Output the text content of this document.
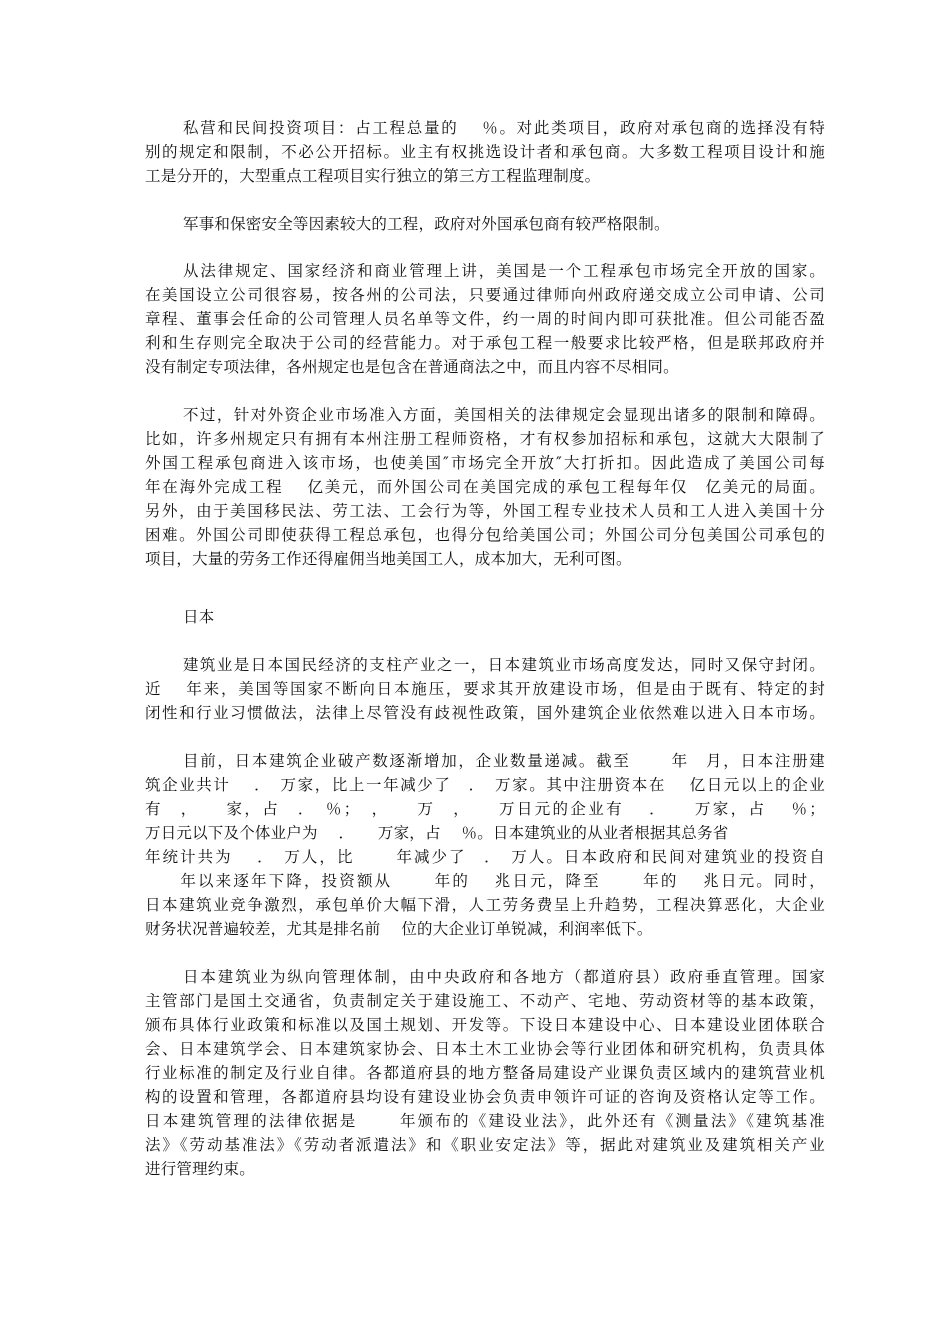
私营和民间投资项目：占工程总量的　 ％。对此类项目，政府对承包商的选择没有特
别的规定和限制，不必公开招标。业主有权挑选设计者和承包商。大多数工程项目设计和施
工是分开的，大型重点工程项目实行独立的第三方工程监理制度。
军事和保密安全等因素较大的工程，政府对外国承包商有较严格限制。
从法律规定、国家经济和商业管理上讲，美国是一个工程承包市场完全开放的国家。
在美国设立公司很容易，按各州的公司法，只要通过律师向州政府递交成立公司申请、公司
章程、董事会任命的公司管理人员名单等文件，约一周的时间内即可获批准。但公司能否盈
利和生存则完全取决于公司的经营能力。对于承包工程一般要求比较严格，但是联邦政府并
没有制定专项法律，各州规定也是包含在普通商法之中，而且内容不尽相同。
不过，针对外资企业市场准入方面，美国相关的法律规定会显现出诸多的限制和障碍。
比如，许多州规定只有拥有本州注册工程师资格，才有权参加招标和承包，这就大大限制了
外国工程承包商进入该市场，也使美国″市场完全开放″大打折扣。因此造成了美国公司每
年在海外完成工程　 亿美元，而外国公司在美国完成的承包工程每年仅　亿美元的局面。
另外，由于美国移民法、劳工法、工会行为等，外国工程专业技术人员和工人进入美国十分
困难。外国公司即使获得工程总承包，也得分包给美国公司；外国公司分包美国公司承包的
项目，大量的劳务工作还得雇佣当地美国工人，成本加大，无利可图。
日本
建筑业是日本国民经济的支柱产业之一，日本建筑业市场高度发达，同时又保守封闭。
近　 年来，美国等国家不断向日本施压，要求其开放建设市场，但是由于既有、特定的封
闭性和行业习惯做法，法律上尽管没有歧视性政策，国外建筑企业依然难以进入日本市场。
目前，日本建筑企业破产数逐渐增加，企业数量递减。截至　　 年　月，日本注册建
筑企业共计　 ．　万家，比上一年减少了　．　万家。其中注册资本在　 亿日元以上的企业
有　，　　家，占　．　％；　，　　万　，　　万日元的企业有　 ．　　万家，占　 ％；
万日元以下及个体业户为　 ．　　万家，占　 ％。日本建筑业的从业者根据其总务省
年统计共为　 ．　万人，比　　 年减少了　．　万人。日本政府和民间对建筑业的投资自
　　年以来逐年下降，投资额从　　 年的　 兆日元，降至　　 年的　 兆日元。同时，
日本建筑业竞争激烈，承包单价大幅下滑，人工劳务费呈上升趋势，工程决算恶化，大企业
财务状况普遍较差，尤其是排名前　 位的大企业订单锐减，利润率低下。
日本建筑业为纵向管理体制，由中央政府和各地方（都道府县）政府垂直管理。国家
主管部门是国土交通省，负责制定关于建设施工、不动产、宅地、劳动资材等的基本政策，
颁布具体行业政策和标准以及国土规划、开发等。下设日本建设中心、日本建设业团体联合
会、日本建筑学会、日本建筑家协会、日本土木工业协会等行业团体和研究机构，负责具体
行业标准的制定及行业自律。各都道府县的地方整备局建设产业课负责区域内的建筑营业机
构的设置和管理，各都道府县均设有建设业协会负责申领许可证的咨询及资格认定等工作。
日本建筑管理的法律依据是　　 年颁布的《建设业法》，此外还有《测量法》《建筑基准
法》《劳动基准法》《劳动者派遣法》和《职业安定法》等，据此对建筑业及建筑相关产业
进行管理约束。
